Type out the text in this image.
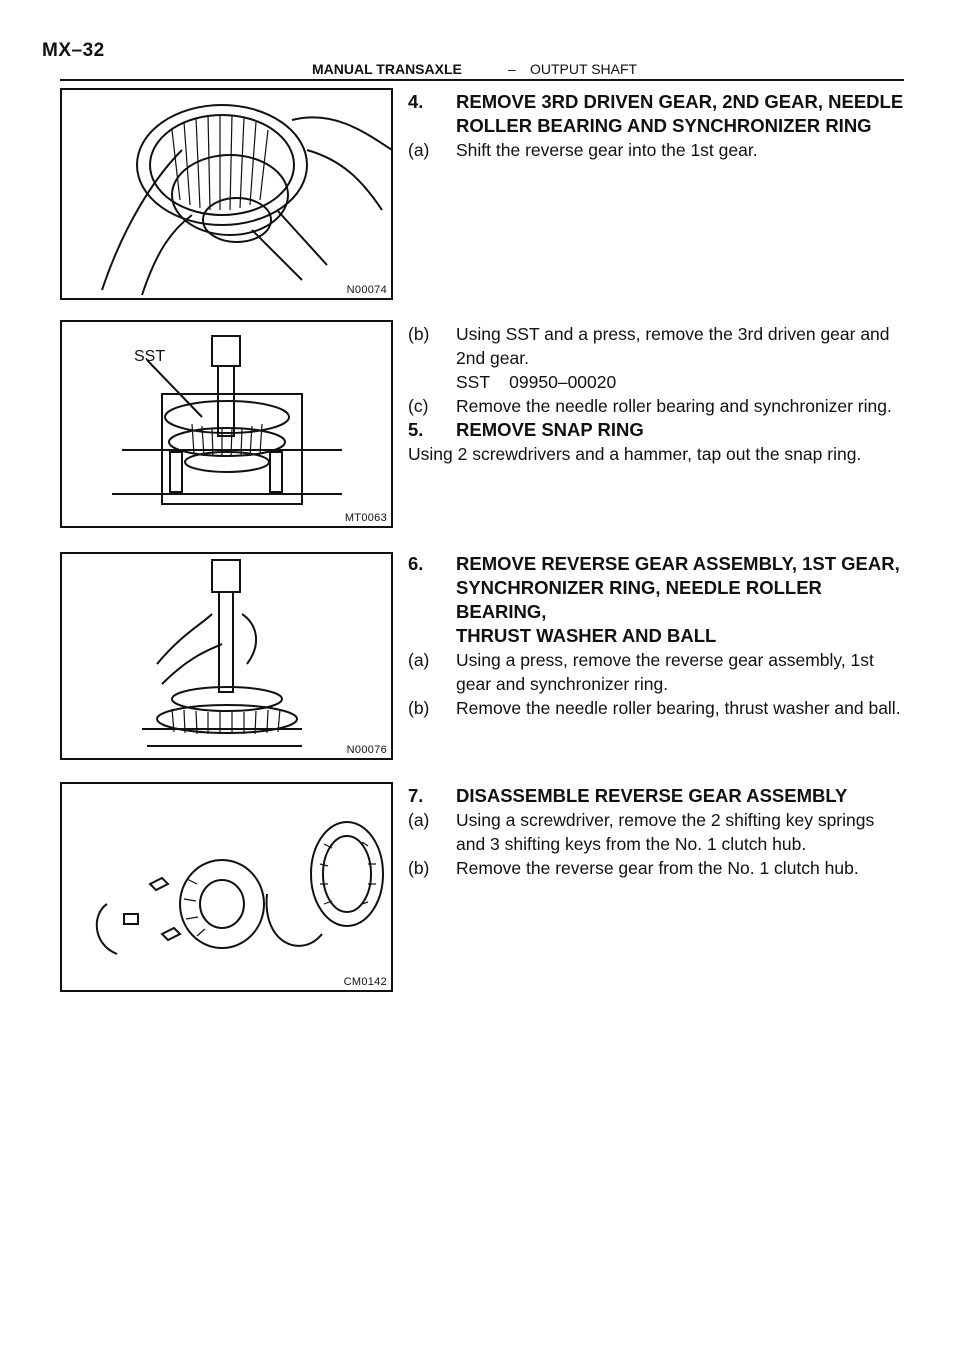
MX–32
MANUAL TRANSAXLE	– OUTPUT SHAFT
N00074
SST
MT0063
N00076
CM0142
4. REMOVE 3RD DRIVEN GEAR, 2ND GEAR, NEEDLE
ROLLER BEARING AND SYNCHRONIZER RING
(a) Shift the reverse gear into the 1st gear.
(b) Using SST and a press, remove the 3rd driven gear and
2nd gear.
SST    09950–00020
(c) Remove the needle roller bearing and synchronizer ring.
5. REMOVE SNAP RING
Using 2 screwdrivers and a hammer, tap out the snap ring.
6. REMOVE REVERSE GEAR ASSEMBLY, 1ST GEAR,
SYNCHRONIZER RING, NEEDLE ROLLER BEARING,
THRUST WASHER AND BALL
(a) Using a press, remove the reverse gear assembly, 1st
gear and synchronizer ring.
(b) Remove the needle roller bearing, thrust washer and ball.
7. DISASSEMBLE REVERSE GEAR ASSEMBLY
(a) Using a screwdriver, remove the 2 shifting key springs
and 3 shifting keys from the No. 1 clutch hub.
(b) Remove the reverse gear from the No. 1 clutch hub.
